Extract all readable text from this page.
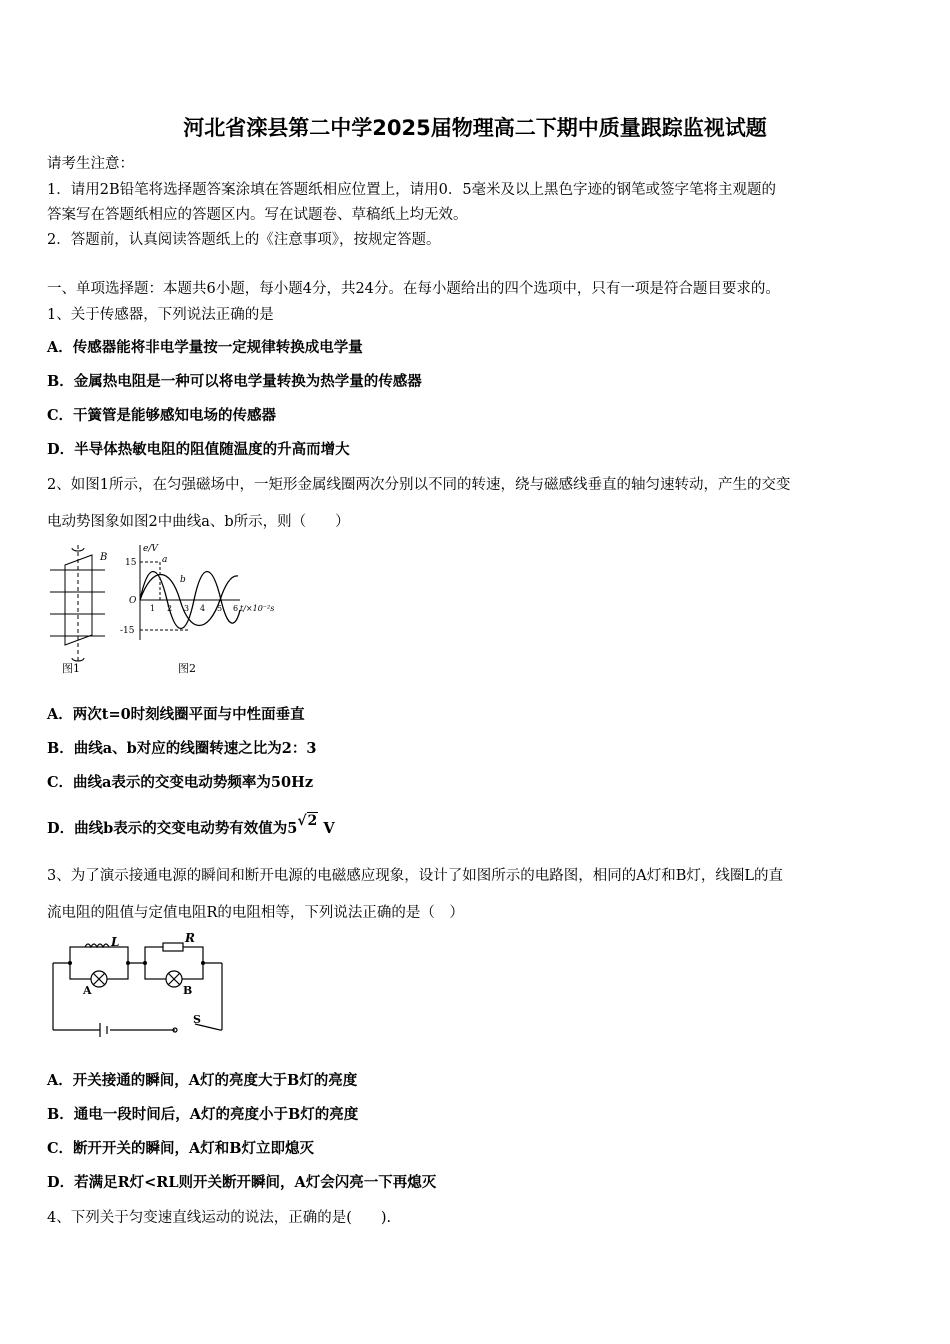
河北省滦县第二中学2025届物理高二下期中质量跟踪监视试题
请考生注意：
1．请用2B铅笔将选择题答案涂填在答题纸相应位置上，请用0．5毫米及以上黑色字迹的钢笔或签字笔将主观题的
答案写在答题纸相应的答题区内。写在试题卷、草稿纸上均无效。
2．答题前，认真阅读答题纸上的《注意事项》，按规定答题。
一、单项选择题：本题共6小题，每小题4分，共24分。在每小题给出的四个选项中，只有一项是符合题目要求的。
1、关于传感器，下列说法正确的是
A．传感器能将非电学量按一定规律转换成电学量
B．金属热电阻是一种可以将电学量转换为热学量的传感器
C．干簧管是能够感知电场的传感器
D．半导体热敏电阻的阻值随温度的升高而增大
2、如图1所示，在匀强磁场中，一矩形金属线圈两次分别以不同的转速，绕与磁感线垂直的轴匀速转动，产生的交变
电动势图象如图2中曲线a、b所示，则（　　）
B
图1
e/V
15
-15
O
a
b
1 2 3 4 5 6 t/×10⁻²s
图2
A．两次t=0时刻线圈平面与中性面垂直
B．曲线a、b对应的线圈转速之比为2：3
C．曲线a表示的交变电动势频率为50Hz
D．曲线b表示的交变电动势有效值为5√2 V
3、为了演示接通电源的瞬间和断开电源的电磁感应现象，设计了如图所示的电路图，相同的A灯和B灯，线圈L的直
流电阻的阻值与定值电阻R的电阻相等，下列说法正确的是（　）
L	R
A	B
S
A．开关接通的瞬间，A灯的亮度大于B灯的亮度
B．通电一段时间后，A灯的亮度小于B灯的亮度
C．断开开关的瞬间，A灯和B灯立即熄灭
D．若满足R灯<RL则开关断开瞬间，A灯会闪亮一下再熄灭
4、下列关于匀变速直线运动的说法，正确的是(　　).
